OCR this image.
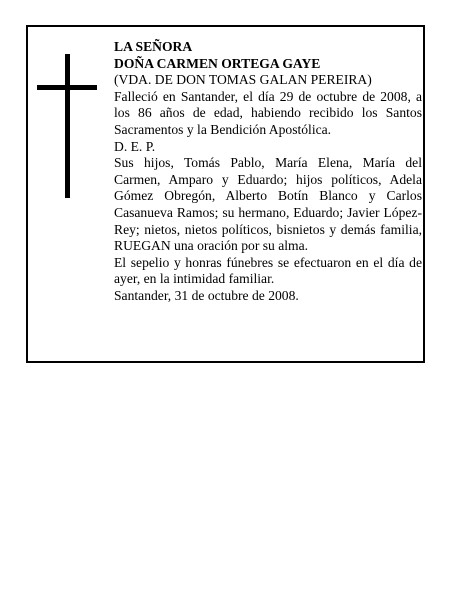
LA SEÑORA

DOÑA CARMEN ORTEGA GAYE

(VDA. DE DON TOMAS GALAN PEREIRA)

Falleció en Santander, el día 29 de octubre de 2008, a los 86 años de edad, habiendo recibido los Santos Sacramentos y la Bendición Apostólica.

D. E. P.

Sus hijos, Tomás Pablo, María Elena, María del Carmen, Amparo y Eduardo; hijos políticos, Adela Gómez Obregón, Alberto Botín Blanco y Carlos Casanueva Ramos; su hermano, Eduardo; Javier López-Rey; nietos, nietos políticos, bisnietos y demás familia, RUEGAN una oración por su alma.

El sepelio y honras fúnebres se efectuaron en el día de ayer, en la intimidad familiar.

Santander, 31 de octubre de 2008.
